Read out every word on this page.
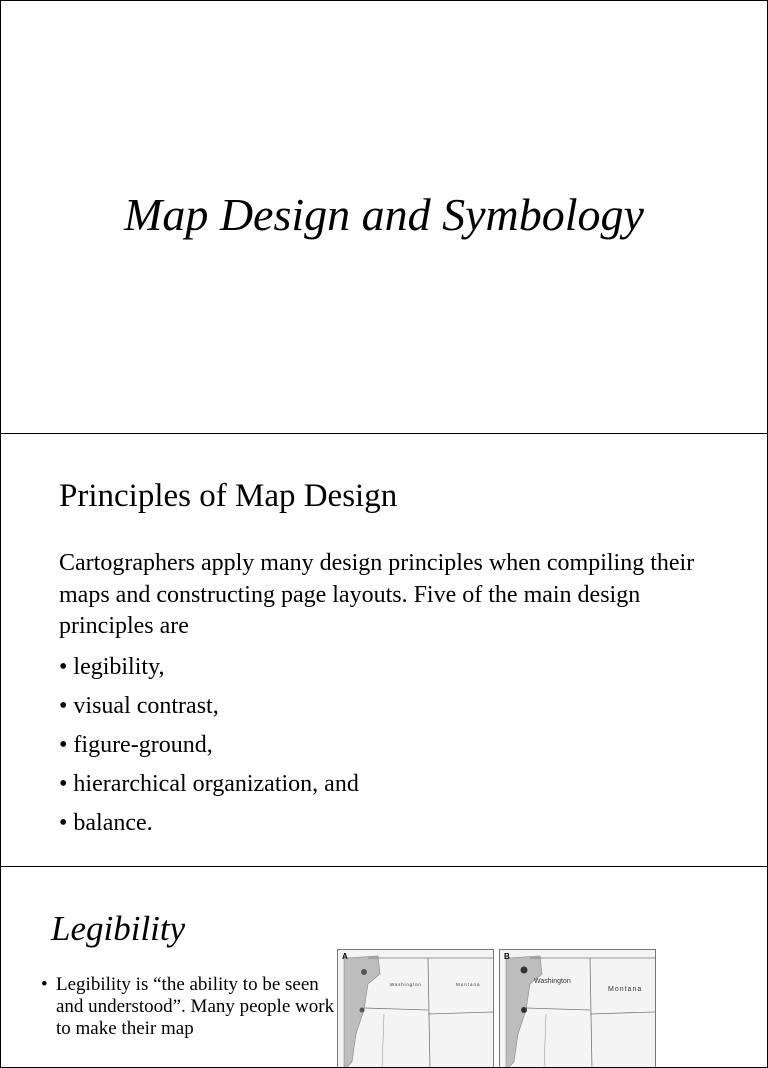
Map Design and Symbology
Principles of Map Design
Cartographers apply many design principles when compiling their maps and constructing page layouts. Five of the main design principles are
• legibility,
• visual contrast,
• figure-ground,
• hierarchical organization, and
• balance.
Legibility
• Legibility is “the ability to be seen and understood”. Many people work to make their map
A
Washington	Montana
B
Washington
Montana
